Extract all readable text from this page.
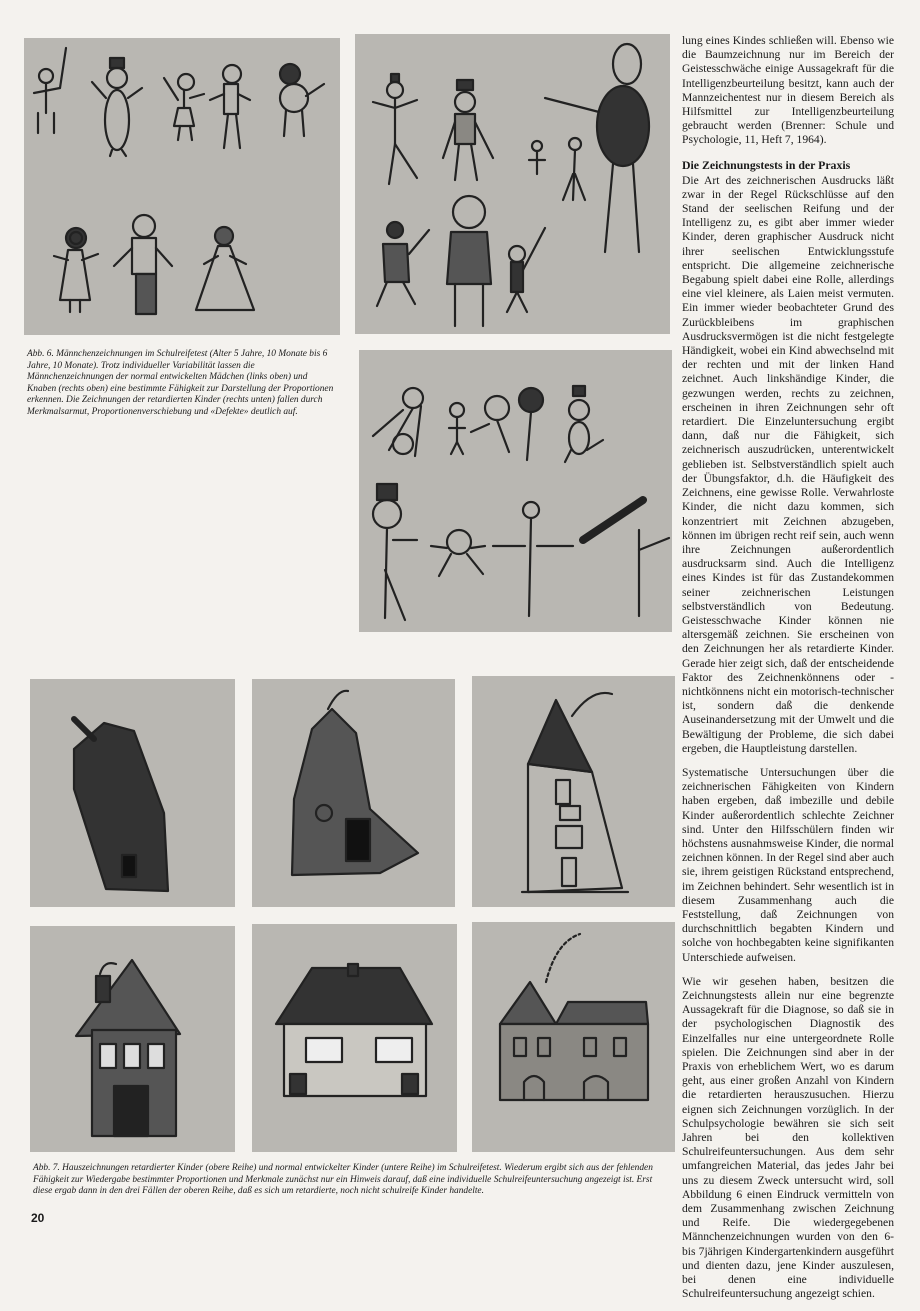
Abb. 6. Männchenzeichnungen im Schulreifetest (Alter 5 Jahre, 10 Monate bis 6 Jahre, 10 Monate). Trotz individueller Variabilität lassen die Männchenzeichnungen der normal entwickelten Mädchen (links oben) und Knaben (rechts oben) eine bestimmte Fähigkeit zur Darstellung der Proportionen erkennen. Die Zeichnungen der retardierten Kinder (rechts unten) fallen durch Merkmalsarmut, Proportionenverschiebung und «Defekte» deutlich auf.

Abb. 7. Hauszeichnungen retardierter Kinder (obere Reihe) und normal entwickelter Kinder (untere Reihe) im Schulreifetest. Wiederum ergibt sich aus der fehlenden Fähigkeit zur Wiedergabe bestimmter Proportionen und Merkmale zunächst nur ein Hinweis darauf, daß eine individuelle Schulreifeuntersuchung angezeigt ist. Erst diese ergab dann in den drei Fällen der oberen Reihe, daß es sich um retardierte, noch nicht schulreife Kinder handelte.

lung eines Kindes schließen will. Ebenso wie die Baumzeichnung nur im Bereich der Geistesschwäche einige Aussagekraft für die Intelligenzbeurteilung besitzt, kann auch der Mannzeichentest nur in diesem Bereich als Hilfsmittel zur Intelligenzbeurteilung gebraucht werden (Brenner: Schule und Psychologie, 11, Heft 7, 1964).

Die Zeichnungstests in der Praxis

Die Art des zeichnerischen Ausdrucks läßt zwar in der Regel Rückschlüsse auf den Stand der seelischen Reifung und der Intelligenz zu, es gibt aber immer wieder Kinder, deren graphischer Ausdruck nicht ihrer seelischen Entwicklungsstufe entspricht. Die allgemeine zeichnerische Begabung spielt dabei eine Rolle, allerdings eine viel kleinere, als Laien meist vermuten. Ein immer wieder beobachteter Grund des Zurückbleibens im graphischen Ausdrucksvermögen ist die nicht festgelegte Händigkeit, wobei ein Kind abwechselnd mit der rechten und mit der linken Hand zeichnet. Auch linkshändige Kinder, die gezwungen werden, rechts zu zeichnen, erscheinen in ihren Zeichnungen sehr oft retardiert. Die Einzeluntersuchung ergibt dann, daß nur die Fähigkeit, sich zeichnerisch auszudrücken, unterentwickelt geblieben ist. Selbstverständlich spielt auch der Übungsfaktor, d.h. die Häufigkeit des Zeichnens, eine gewisse Rolle. Verwahrloste Kinder, die nicht dazu kommen, sich konzentriert mit Zeichnen abzugeben, können im übrigen recht reif sein, auch wenn ihre Zeichnungen außerordentlich ausdrucksarm sind. Auch die Intelligenz eines Kindes ist für das Zustandekommen seiner zeichnerischen Leistungen selbstverständlich von Bedeutung. Geistesschwache Kinder können nie altersgemäß zeichnen. Sie erscheinen von den Zeichnungen her als retardierte Kinder. Gerade hier zeigt sich, daß der entscheidende Faktor des Zeichnenkönnens oder -nichtkönnens nicht ein motorisch-technischer ist, sondern daß die denkende Auseinandersetzung mit der Umwelt und die Bewältigung der Probleme, die sich dabei ergeben, die Hauptleistung darstellen.

Systematische Untersuchungen über die zeichnerischen Fähigkeiten von Kindern haben ergeben, daß imbezille und debile Kinder außerordentlich schlechte Zeichner sind. Unter den Hilfsschülern finden wir höchstens ausnahmsweise Kinder, die normal zeichnen können. In der Regel sind aber auch sie, ihrem geistigen Rückstand entsprechend, im Zeichnen behindert. Sehr wesentlich ist in diesem Zusammenhang auch die Feststellung, daß Zeichnungen von durchschnittlich begabten Kindern und solche von hochbegabten keine signifikanten Unterschiede aufweisen.

Wie wir gesehen haben, besitzen die Zeichnungstests allein nur eine begrenzte Aussagekraft für die Diagnose, so daß sie in der psychologischen Diagnostik des Einzelfalles nur eine untergeordnete Rolle spielen. Die Zeichnungen sind aber in der Praxis von erheblichem Wert, wo es darum geht, aus einer großen Anzahl von Kindern die retardierten herauszusuchen. Hierzu eignen sich Zeichnungen vorzüglich. In der Schulpsychologie bewähren sie sich seit Jahren bei den kollektiven Schulreifeuntersuchungen. Aus dem sehr umfangreichen Material, das jedes Jahr bei uns zu diesem Zweck untersucht wird, soll Abbildung 6 einen Eindruck vermitteln von dem Zusammenhang zwischen Zeichnung und Reife. Die wiedergegebenen Männchenzeichnungen wurden von den 6- bis 7jährigen Kindergartenkindern ausgeführt und dienten dazu, jene Kinder auszulesen, bei denen eine individuelle Schulreifeuntersuchung angezeigt schien.

20
